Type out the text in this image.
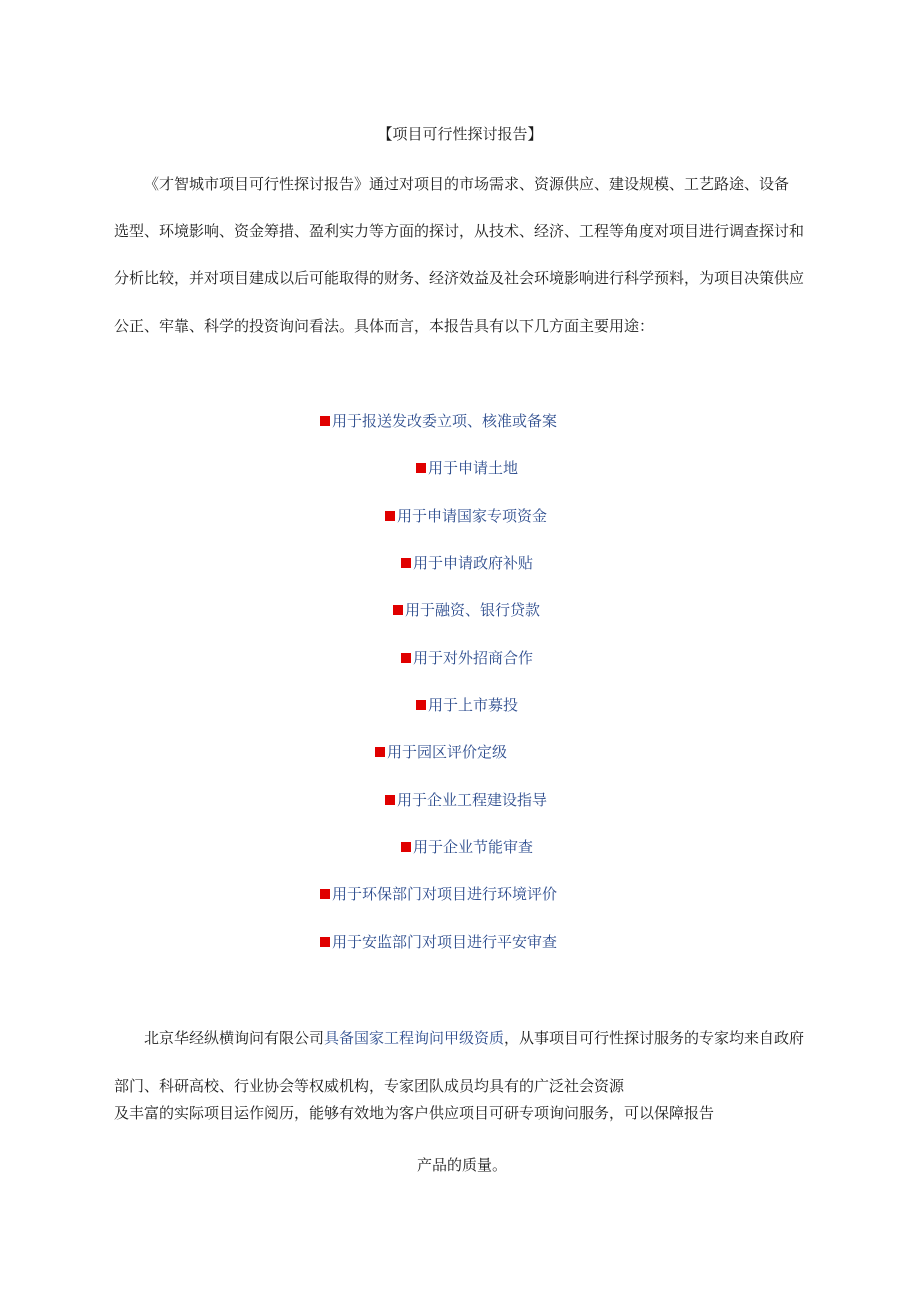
【项目可行性探讨报告】
《才智城市项目可行性探讨报告》通过对项目的市场需求、资源供应、建设规模、工艺路途、设备
选型、环境影响、资金筹措、盈利实力等方面的探讨，从技术、经济、工程等角度对项目进行调查探讨和
分析比较，并对项目建成以后可能取得的财务、经济效益及社会环境影响进行科学预料，为项目决策供应
公正、牢靠、科学的投资询问看法。具体而言，本报告具有以下几方面主要用途：
用于报送发改委立项、核准或备案
用于申请土地
用于申请国家专项资金
用于申请政府补贴
用于融资、银行贷款
用于对外招商合作
用于上市募投
用于园区评价定级
用于企业工程建设指导
用于企业节能审查
用于环保部门对项目进行环境评价
用于安监部门对项目进行平安审查
北京华经纵横询问有限公司具备国家工程询问甲级资质，从事项目可行性探讨服务的专家均来自政府
部门、科研高校、行业协会等权威机构，专家团队成员均具有的广泛社会资源
及丰富的实际项目运作阅历，能够有效地为客户供应项目可研专项询问服务，可以保障报告
产品的质量。
